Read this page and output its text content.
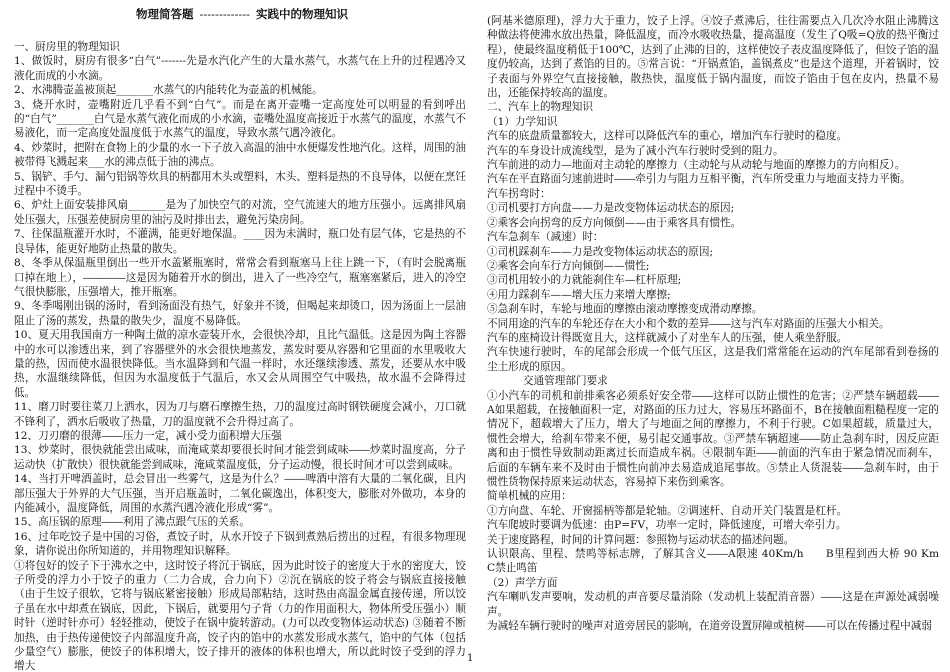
物理简答题 ------------- 实践中的物理知识

一、厨房里的物理知识

1、做饭时，厨房有很多“白气”-------先是水汽化产生的大量水蒸气，水蒸气在上升的过程遇冷又液化而成的小水滴。

2、水沸腾壶盖被顶起_______水蒸气的内能转化为壶盖的机械能。

3、烧开水时，壶嘴附近几乎看不到“白气”。而是在离开壶嘴一定高度处可以明显的看到呼出的“白气”_______白气是水蒸气液化而成的小水滴，壶嘴处温度高接近于水蒸气的温度，水蒸气不易液化，而一定高度处温度低于水蒸气的温度，导致水蒸气遇冷液化。

4、炒菜时，把附在食物上的少量的水一下子放入高温的油中水便爆发性地汽化。这样，周围的油被带得飞溅起来___水的沸点低于油的沸点。

5、锅铲、手勺、漏勺铝锅等炊具的柄都用木头或塑料，木头、塑料是热的不良导体，以便在烹饪过程中不烫手。

6、炉灶上面安装排风扇_______是为了加快空气的对流，空气流速大的地方压强小。远离排风扇处压强大，压强差使厨房里的油污及时排出去，避免污染房间。

7、往保温瓶灌开水时，不灌满，能更好地保温。____因为未满时，瓶口处有层气体，它是热的不良导体，能更好地防止热量的散失。

8、冬季从保温瓶里倒出一些开水盖紧瓶塞时，常常会看到瓶塞马上往上跳一下，（有时会脱离瓶口掉在地上），――――这是因为随着开水的倒出，进入了一些冷空气，瓶塞塞紧后，进入的冷空气很快膨胀，压强增大，推开瓶塞。

9、冬季喝刚出锅的汤时，看到汤面没有热气，好象并不烫，但喝起来却烫口，因为汤面上一层油阻止了汤的蒸发，热量的散失少，温度不易降低。

10、夏天用我国南方一种陶土做的凉水壶装开水，会很快冷却，且比气温低。这是因为陶土容器中的水可以渗透出来，到了容器壁外的水会很快地蒸发，蒸发时要从容器和它里面的水里吸收大量的热，因而使水温很快降低。当水温降到和气温一样时，水还继续渗透、蒸发，还要从水中吸热，水温继续降低，但因为水温度低于气温后，水又会从周围空气中吸热，故水温不会降得过低。

11、磨刀时要往菜刀上洒水，因为刀与磨石摩擦生热，刀的温度过高时钢铁硬度会减小，刀口就不锋利了，洒水后吸收了热量，刀的温度就不会升得过高了。

12、刀刃磨的很薄――压力一定，减小受力面积增大压强

13、炒菜时，很快就能尝出咸味，而淹咸菜却要很长时间才能尝到咸味――炒菜时温度高，分子运动快（扩散快）很快就能尝到咸味，淹咸菜温度低，分子运动慢，很长时间才可以尝到咸味。

14、当打开啤酒盖时，总会冒出一些雾气，这是为什么？――啤酒中溶有大量的二氧化碳，且内部压强大于外界的大气压强，当开启瓶盖时，二氧化碳逸出，体积变大，膨胀对外做功，本身的内能减小，温度降低，周围的水蒸汽遇冷液化形成“雾”。

15、高压锅的原理――利用了沸点跟气压的关系。

16、过年吃饺子是中国的习俗，煮饺子时，从水开饺子下锅到煮熟后捞出的过程，有很多物理现象，请你说出你所知道的，并用物理知识解释。

①将包好的饺子下于沸水之中，这时饺子将沉于锅底，因为此时饺子的密度大于水的密度大，饺子所受的浮力小于饺子的重力（二力合成，合力向下）②沉在锅底的饺子将会与锅底直接接触（由于生饺子很软，它将与锅底紧密接触）形成局部粘结，这时热由高温金属直接传递，所以饺子虽在水中却煮在锅底，因此，下锅后，就要用勺子背（力的作用面积大，物体所受压强小）顺时针（逆时针亦可）轻轻推动，使饺子在锅中旋转游动。(力可以改变物体运动状态) ③随着不断加热，由于热传递使饺子内部温度升高，饺子内的馅中的水蒸发形成水蒸气，馅中的气体（包括少量空气）膨胀，使饺子的体积增大，饺子排开的液体的体积也增大，所以此时饺子受到的浮力增大

(阿基米德原理)，浮力大于重力，饺子上浮。④饺子煮沸后，往往需要点入几次冷水阻止沸腾这种做法将使沸水放出热量，降低温度，而冷水吸收热量，提高温度（发生了Q吸=Q放的热平衡过程），使最终温度稍低于100℃，达到了止沸的目的，这样使饺子表皮温度降低了，但饺子馅的温度仍较高，达到了煮馅的目的。⑤常言说：“开锅煮馅，盖锅煮皮”也是这个道理，开着锅时，饺子表面与外界空气直接接触，散热快，温度低于锅内温度，而饺子馅由于包在皮内，热量不易出，还能保持较高的温度。

二、汽车上的物理知识

（1）力学知识

汽车的底盘质量都较大，这样可以降低汽车的重心，增加汽车行驶时的稳度。

汽车的车身设计成流线型，是为了减小汽车行驶时受到的阻力。

汽车前进的动力—地面对主动轮的摩擦力（主动轮与从动轮与地面的摩擦力的方向相反）。

汽车在平直路面匀速前进时――牵引力与阻力互相平衡，汽车所受重力与地面支持力平衡。

汽车拐弯时：

①司机要打方向盘——力是改变物体运动状态的原因;

②乘客会向拐弯的反方向倾倒——由于乘客具有惯性。

汽车急刹车（减速）时：

①司机踩刹车——力是改变物体运动状态的原因;

②乘客会向车行方向倾倒——惯性;

③司机用较小的力就能刹住车—杠杆原理;

④用力踩刹车——增大压力来增大摩擦;

⑤急刹车时，车轮与地面的摩擦由滚动摩擦变成滑动摩擦。

不同用途的汽车的车轮还存在大小和个数的差异――这与汽车对路面的压强大小相关。

汽车的座椅设计得既宽且大，这样就减小了对坐车人的压强，使人乘坐舒服。

汽车快速行驶时，车的尾部会形成一个低气压区，这是我们常常能在运动的汽车尾部看到卷扬的尘土形成的原因。

交通管理部门要求

①小汽车的司机和前排乘客必须系好安全带――这样可以防止惯性的危害；②严禁车辆超载――A如果超载，在接触面积一定，对路面的压力过大，容易压坏路面不，B在接触面粗糙程度一定的情况下，超载增大了压力，增大了与地面之间的摩擦力，不利于行驶。C如果超载，质量过大，惯性会增大，给刹车带来不便，易引起交通事故。③严禁车辆超速――防止急刹车时，因反应距离和由于惯性导致制动距离过长而造成车祸。④限制车距――前面的汽车由于紧急情况而刹车，后面的车辆车来不及时由于惯性向前冲去易造成追尾事故。⑤禁止人货混装――急刹车时，由于惯性货物保持原来运动状态，容易掉下来伤到乘客。

简单机械的应用：

①方向盘、车轮、开窗摇柄等都是轮轴。②调速杆、自动开关门装置是杠杆。

汽车爬坡时要调为低速：由P=FV，功率一定时，降低速度，可增大牵引力。

关于速度路程，时间的计算问题：参照物与运动状态的描述问题。

认识限高、里程、禁鸣等标志牌，了解其含义――A限速 40Km/h　　B里程到西大桥 90 Km　 C禁止鸣笛

（2）声学方面

汽车喇叭发声要响，发动机的声音要尽量消除（发动机上装配消音器）――这是在声源处减弱噪声。

为减轻车辆行驶时的噪声对道旁居民的影响，在道旁设置屏障或植树――可以在传播过程中减弱

1
